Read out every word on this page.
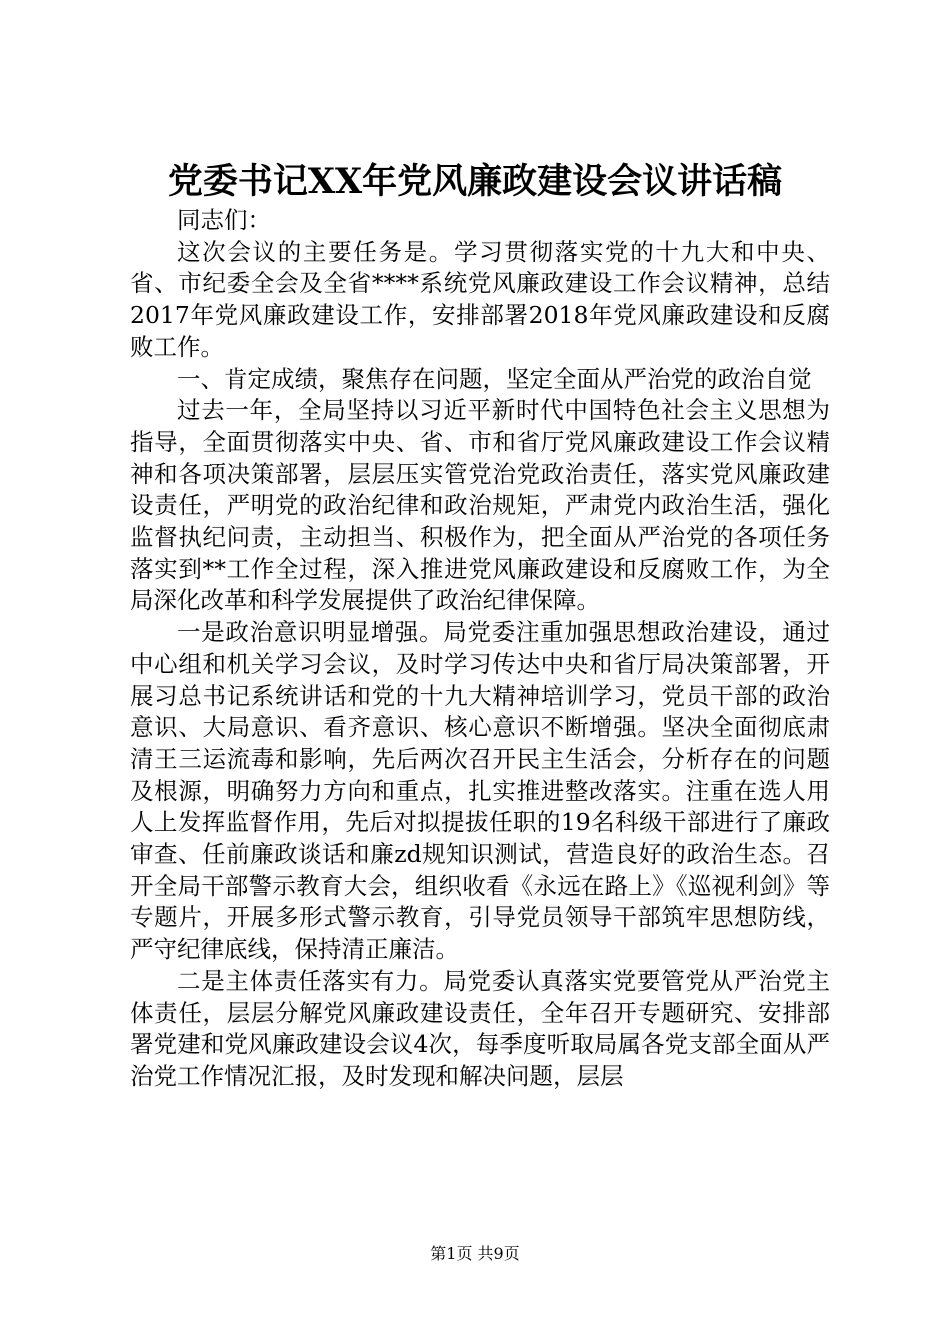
党委书记XX年党风廉政建设会议讲话稿

同志们：

这次会议的主要任务是。学习贯彻落实党的十九大和中央、省、市纪委全会及全省****系统党风廉政建设工作会议精神，总结2017年党风廉政建设工作，安排部署2018年党风廉政建设和反腐败工作。

一、肯定成绩，聚焦存在问题，坚定全面从严治党的政治自觉

过去一年，全局坚持以习近平新时代中国特色社会主义思想为指导，全面贯彻落实中央、省、市和省厅党风廉政建设工作会议精神和各项决策部署，层层压实管党治党政治责任，落实党风廉政建设责任，严明党的政治纪律和政治规矩，严肃党内政治生活，强化监督执纪问责，主动担当、积极作为，把全面从严治党的各项任务落实到**工作全过程，深入推进党风廉政建设和反腐败工作，为全局深化改革和科学发展提供了政治纪律保障。

一是政治意识明显增强。局党委注重加强思想政治建设，通过中心组和机关学习会议，及时学习传达中央和省厅局决策部署，开展习总书记系统讲话和党的十九大精神培训学习，党员干部的政治意识、大局意识、看齐意识、核心意识不断增强。坚决全面彻底肃清王三运流毒和影响，先后两次召开民主生活会，分析存在的问题及根源，明确努力方向和重点，扎实推进整改落实。注重在选人用人上发挥监督作用，先后对拟提拔任职的19名科级干部进行了廉政审查、任前廉政谈话和廉zd规知识测试，营造良好的政治生态。召开全局干部警示教育大会，组织收看《永远在路上》《巡视利剑》等专题片，开展多形式警示教育，引导党员领导干部筑牢思想防线，严守纪律底线，保持清正廉洁。

二是主体责任落实有力。局党委认真落实党要管党从严治党主体责任，层层分解党风廉政建设责任，全年召开专题研究、安排部署党建和党风廉政建设会议4次，每季度听取局属各党支部全面从严治党工作情况汇报，及时发现和解决问题，层层

第1页 共9页
